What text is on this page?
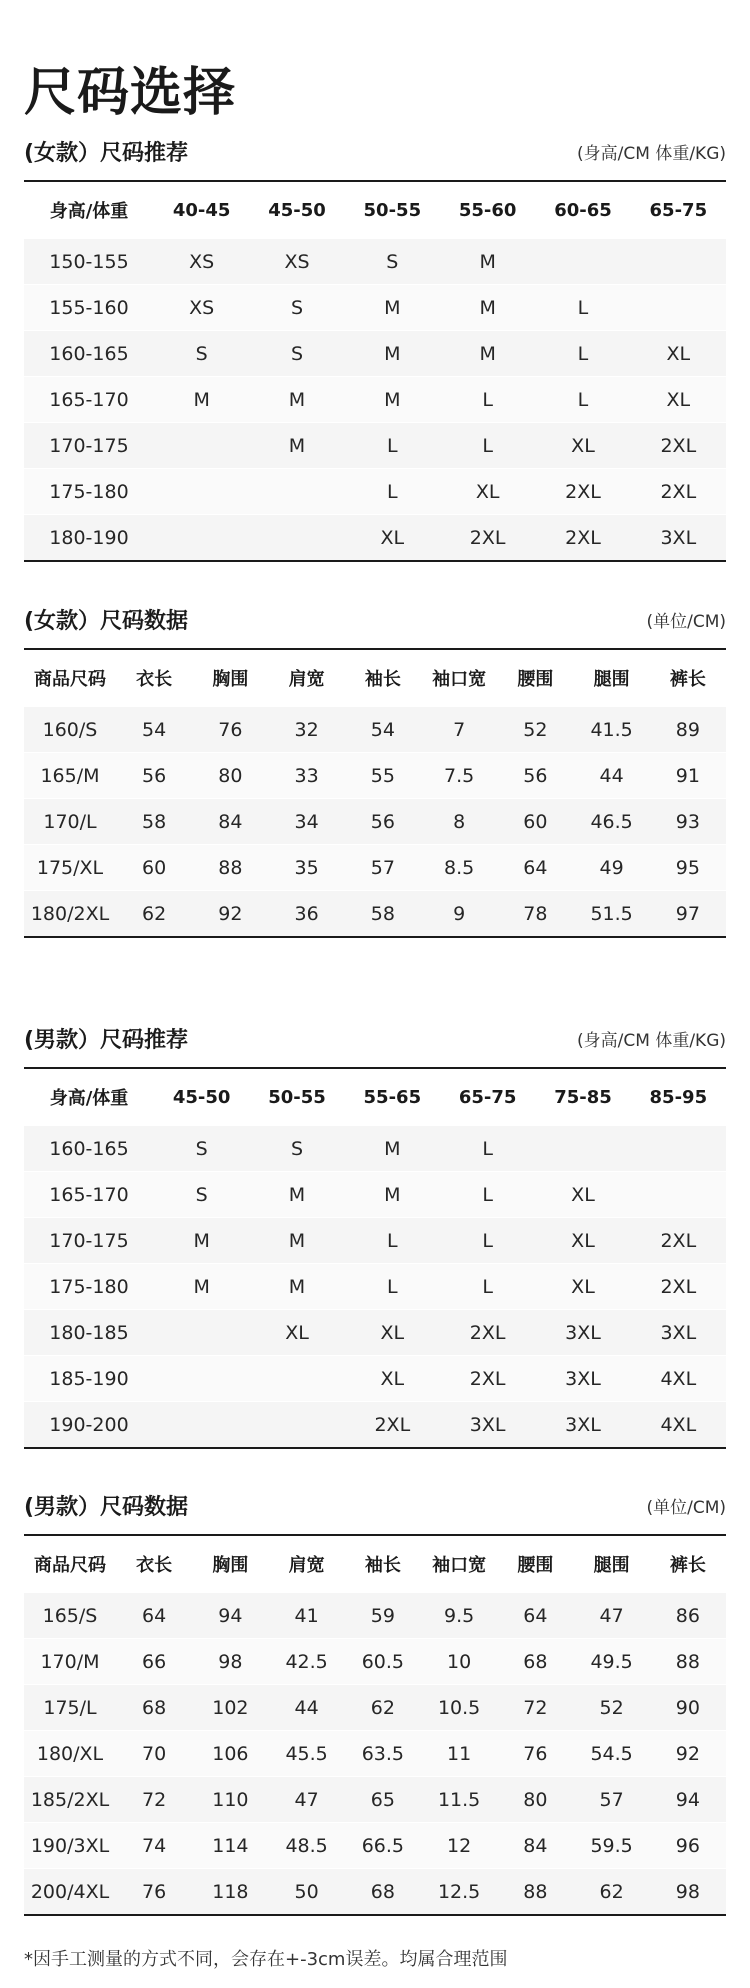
尺码选择
(女款）尺码推荐	(身高/CM 体重/KG)
身高/体重	40-45	45-50	50-55	55-60	60-65	65-75
150-155	XS	XS	S	M		
155-160	XS	S	M	M	L	
160-165	S	S	M	M	L	XL
165-170	M	M	M	L	L	XL
170-175		M	L	L	XL	2XL
175-180			L	XL	2XL	2XL
180-190			XL	2XL	2XL	3XL
(女款）尺码数据	(单位/CM)
商品尺码	衣长	胸围	肩宽	袖长	袖口宽	腰围	腿围	裤长
160/S	54	76	32	54	7	52	41.5	89
165/M	56	80	33	55	7.5	56	44	91
170/L	58	84	34	56	8	60	46.5	93
175/XL	60	88	35	57	8.5	64	49	95
180/2XL	62	92	36	58	9	78	51.5	97
(男款）尺码推荐	(身高/CM 体重/KG)
身高/体重	45-50	50-55	55-65	65-75	75-85	85-95
160-165	S	S	M	L		
165-170	S	M	M	L	XL	
170-175	M	M	L	L	XL	2XL
175-180	M	M	L	L	XL	2XL
180-185		XL	XL	2XL	3XL	3XL
185-190			XL	2XL	3XL	4XL
190-200			2XL	3XL	3XL	4XL
(男款）尺码数据	(单位/CM)
商品尺码	衣长	胸围	肩宽	袖长	袖口宽	腰围	腿围	裤长
165/S	64	94	41	59	9.5	64	47	86
170/M	66	98	42.5	60.5	10	68	49.5	88
175/L	68	102	44	62	10.5	72	52	90
180/XL	70	106	45.5	63.5	11	76	54.5	92
185/2XL	72	110	47	65	11.5	80	57	94
190/3XL	74	114	48.5	66.5	12	84	59.5	96
200/4XL	76	118	50	68	12.5	88	62	98
*因手工测量的方式不同，会存在+-3cm误差。均属合理范围
